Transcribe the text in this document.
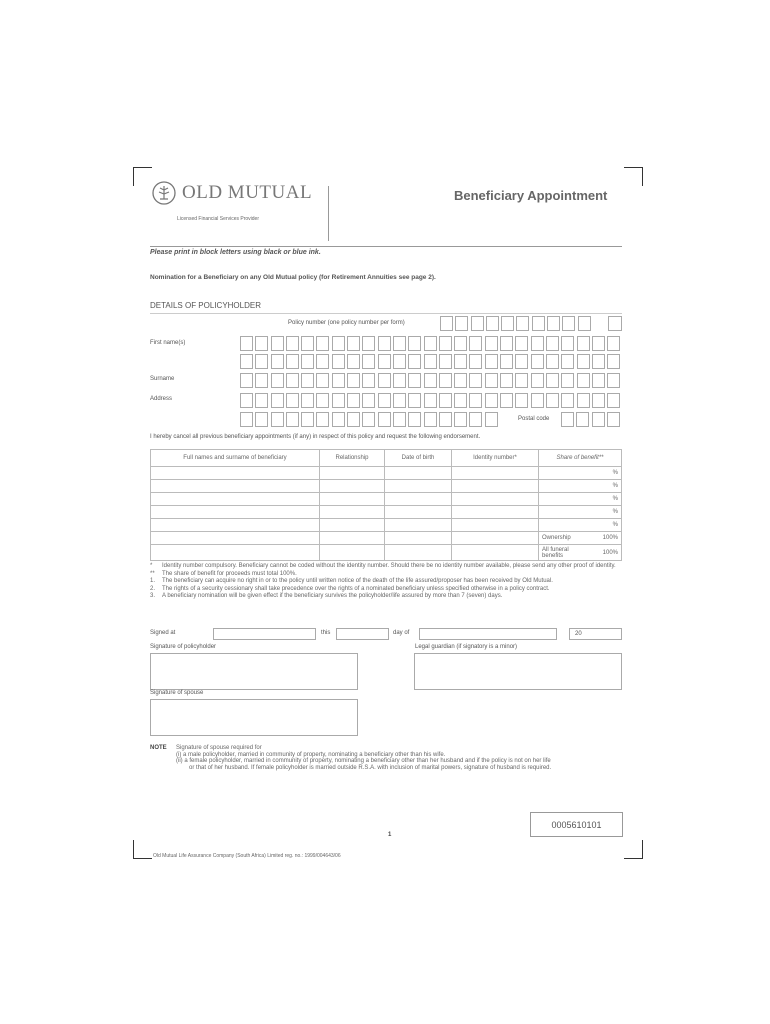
OLD MUTUAL
Licensed Financial Services Provider
Beneficiary Appointment
Please print in block letters using black or blue ink.
Nomination for a Beneficiary on any Old Mutual policy (for Retirement Annuities see page 2).
DETAILS OF POLICYHOLDER
Policy number (one policy number per form)
First name(s)
Surname
Address
Postal code
I hereby cancel all previous beneficiary appointments (if any) in respect of this policy and request the following endorsement.
Full names and surname of beneficiary	Relationship	Date of birth	Identity number*	Share of benefit**
				%
				%
				%
				%
				%
				Ownership 100%

				All funeral benefits 100%
*	Identity number compulsory. Beneficiary cannot be coded without the identity number. Should there be no identity number available, please send any other proof of identity.
**	The share of benefit for proceeds must total 100%.
1.	The beneficiary can acquire no right in or to the policy until written notice of the death of the life assured/proposer has been received by Old Mutual.
2.	The rights of a security cessionary shall take precedence over the rights of a nominated beneficiary unless specified otherwise in a policy contract.
3.	A beneficiary nomination will be given effect if the beneficiary survives the policyholder/life assured by more than 7 (seven) days.
Signed at	this	day of	20
Signature of policyholder	Legal guardian (if signatory is a minor)
Signature of spouse
NOTE	Signature of spouse required for
(i) a male policyholder, married in community of property, nominating a beneficiary other than his wife.
(ii) a female policyholder, married in community of property, nominating a beneficiary other than her husband and if the policy is not on her life
or that of her husband. If female policyholder is married outside R.S.A. with inclusion of marital powers, signature of husband is required.
0005610101
1
Old Mutual Life Assurance Company (South Africa) Limited reg. no.: 1999/004643/06
